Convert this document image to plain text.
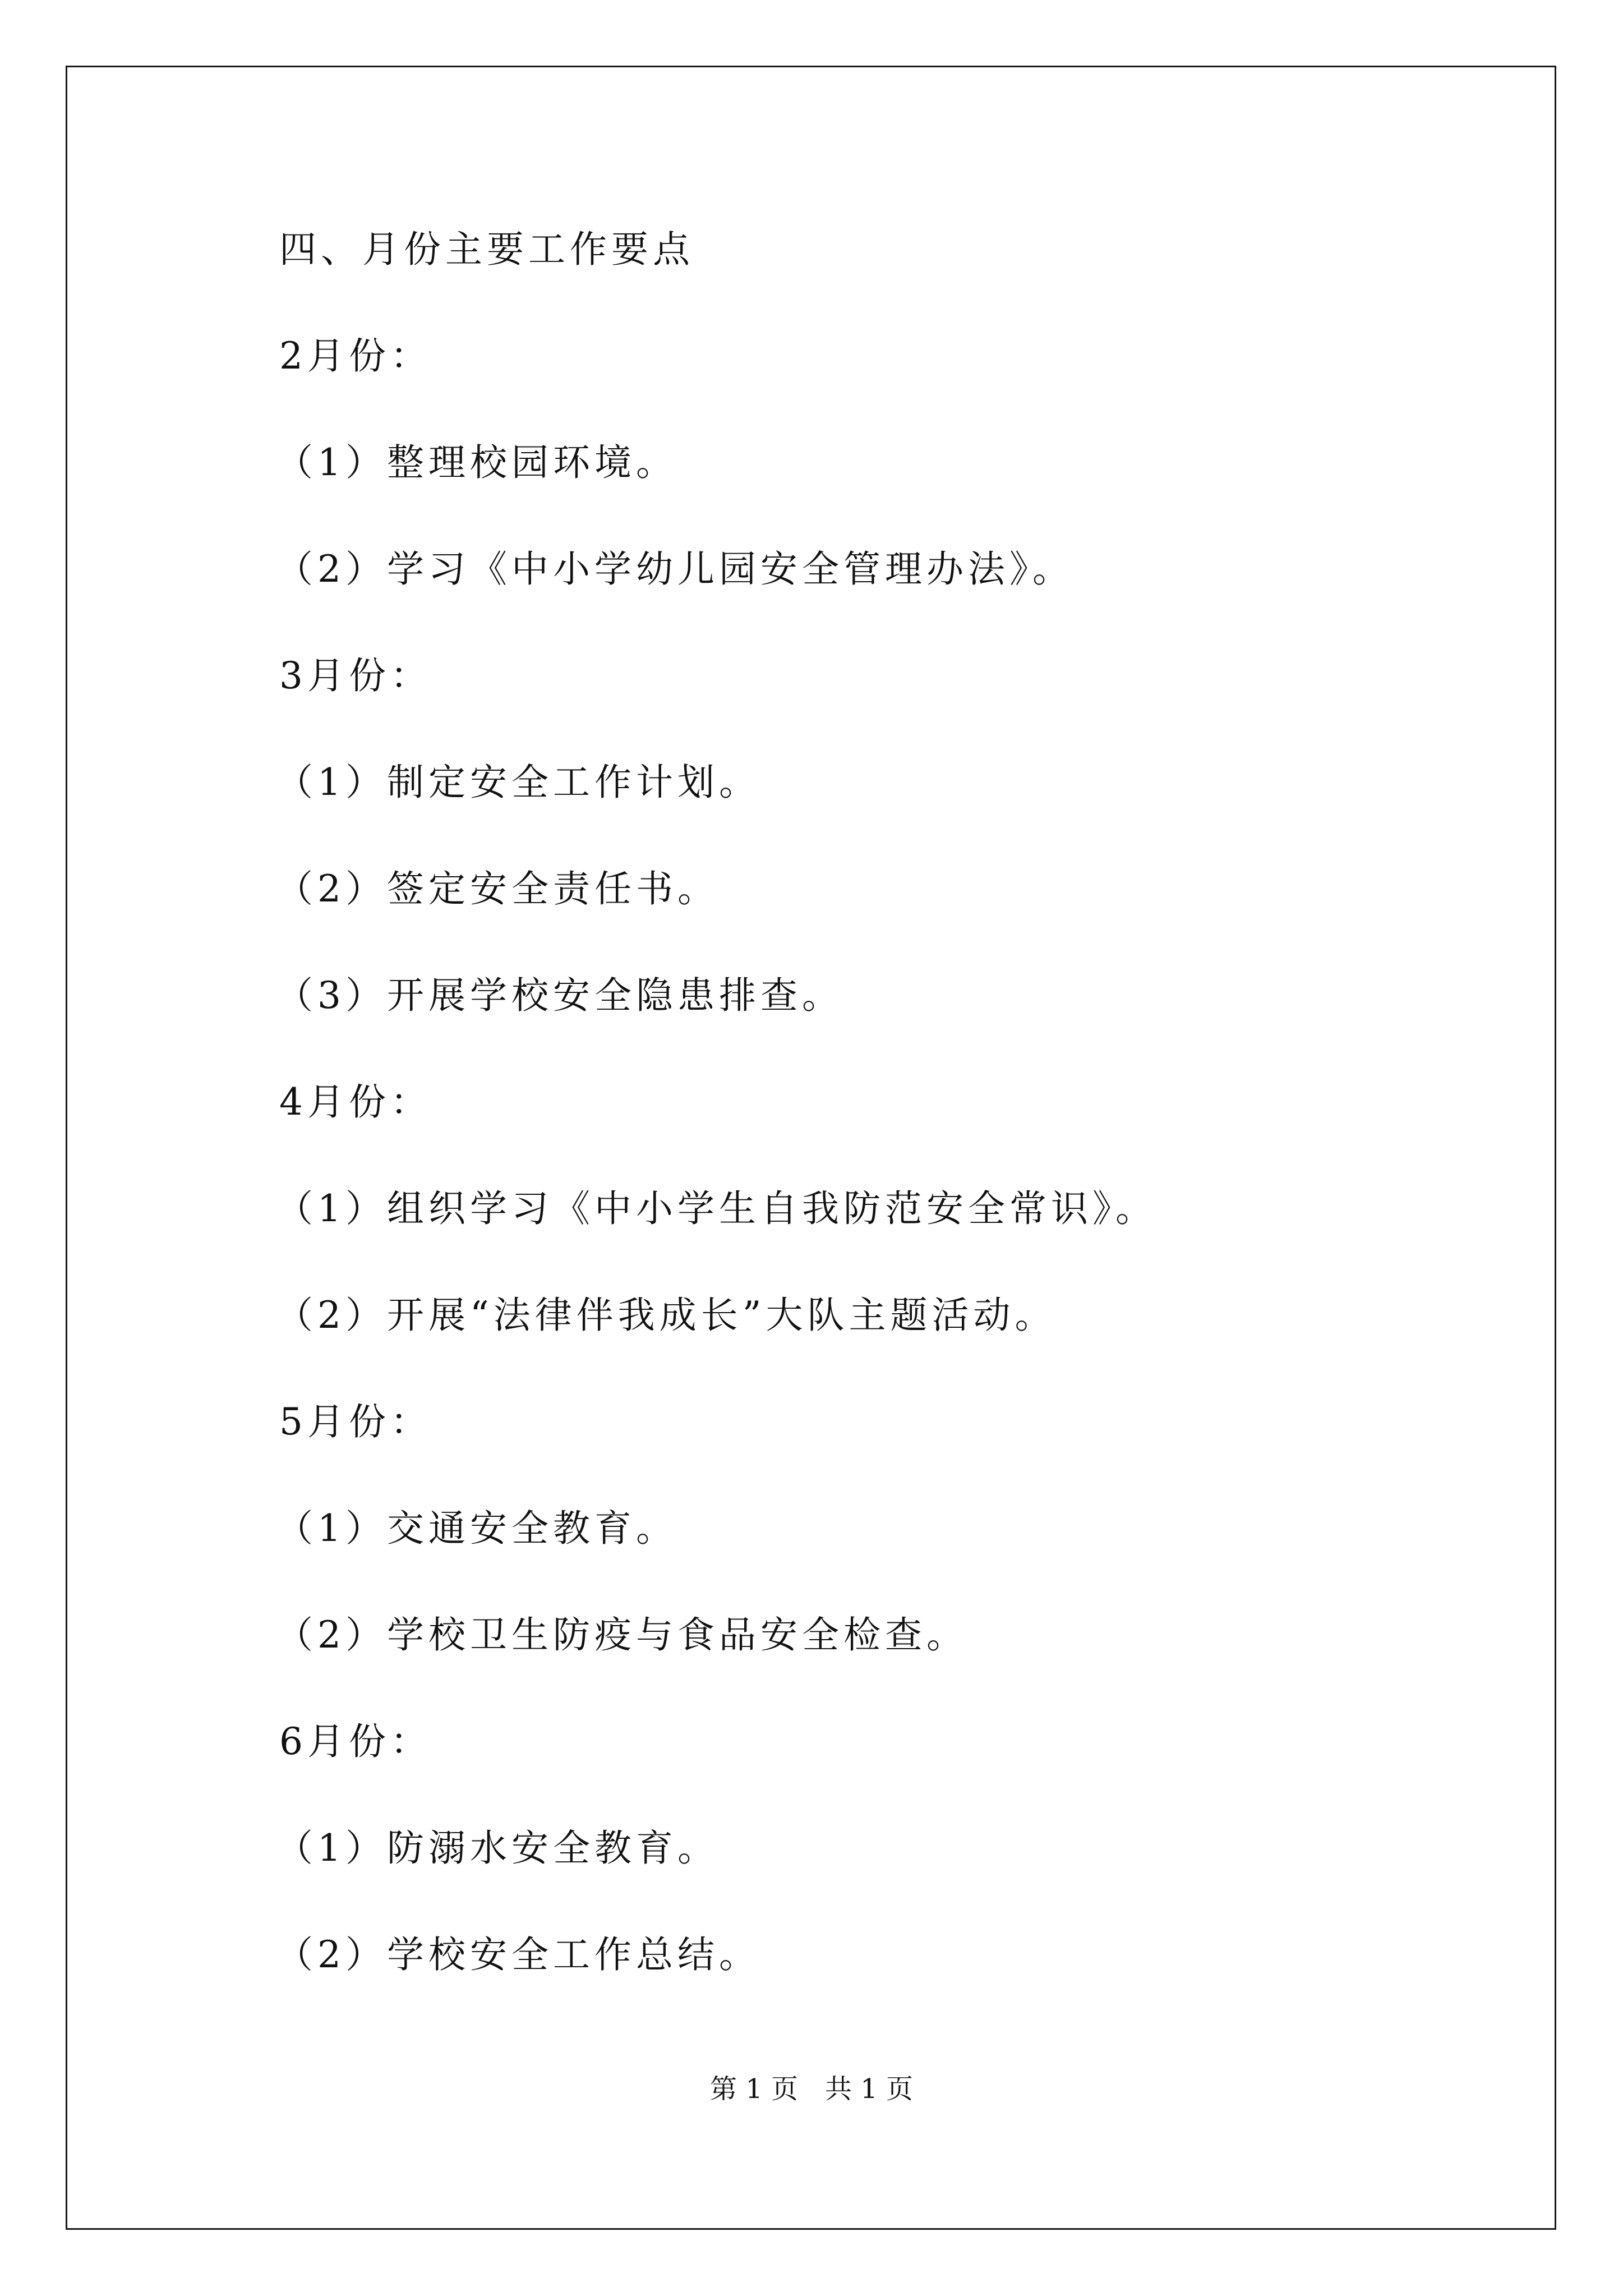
四、月份主要工作要点
2月份：
（1）整理校园环境。
（2）学习《中小学幼儿园安全管理办法》。
3月份：
（1）制定安全工作计划。
（2）签定安全责任书。
（3）开展学校安全隐患排查。
4月份：
（1）组织学习《中小学生自我防范安全常识》。
（2）开展“法律伴我成长”大队主题活动。
5月份：
（1）交通安全教育。
（2）学校卫生防疫与食品安全检查。
6月份：
（1）防溺水安全教育。
（2）学校安全工作总结。
第 1 页　共 1 页
